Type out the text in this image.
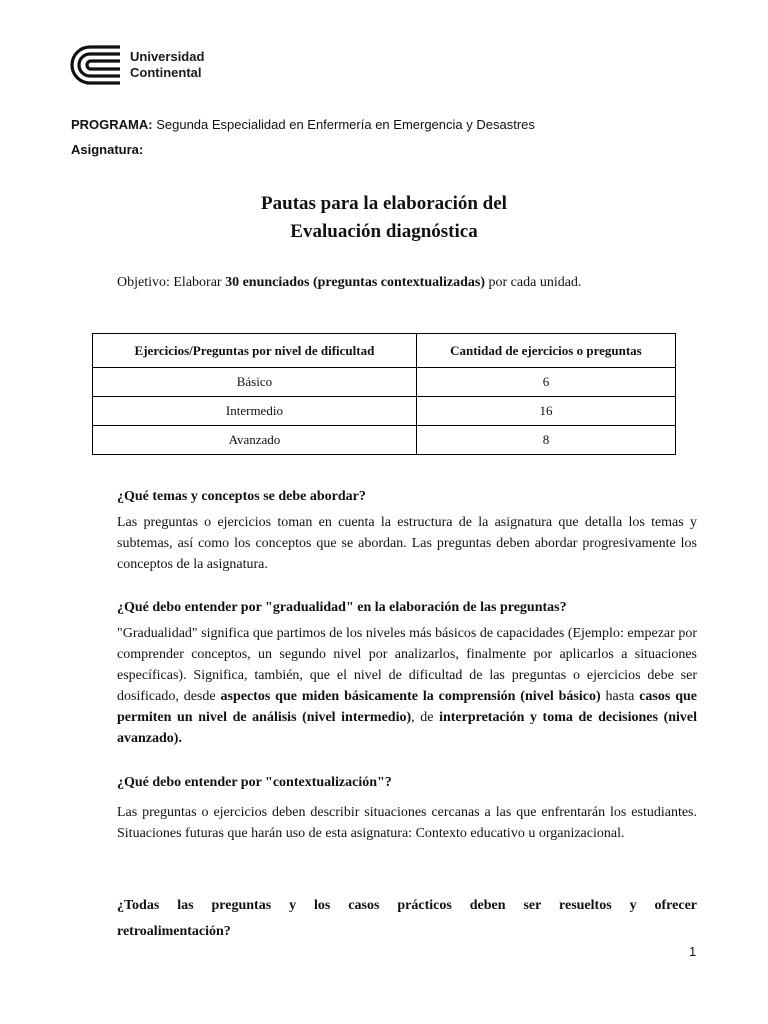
Universidad
Continental
PROGRAMA: Segunda Especialidad en Enfermería en Emergencia y Desastres
Asignatura:
Pautas para la elaboración del
Evaluación diagnóstica
Objetivo: Elaborar 30 enunciados (preguntas contextualizadas) por cada unidad.
Ejercicios/Preguntas por nivel de dificultad	Cantidad de ejercicios o preguntas
Básico	6
Intermedio	16
Avanzado	8
¿Qué temas y conceptos se debe abordar?
Las preguntas o ejercicios toman en cuenta la estructura de la asignatura que detalla los temas y subtemas, así como los conceptos que se abordan. Las preguntas deben abordar progresivamente los conceptos de la asignatura.
¿Qué debo entender por "gradualidad" en la elaboración de las preguntas?
"Gradualidad" significa que partimos de los niveles más básicos de capacidades (Ejemplo: empezar por comprender conceptos, un segundo nivel por analizarlos, finalmente por aplicarlos a situaciones específicas). Significa, también, que el nivel de dificultad de las preguntas o ejercicios debe ser dosificado, desde aspectos que miden básicamente la comprensión (nivel básico) hasta casos que permiten un nivel de análisis (nivel intermedio), de interpretación y toma de decisiones (nivel avanzado).
¿Qué debo entender por "contextualización"?
Las preguntas o ejercicios deben describir situaciones cercanas a las que enfrentarán los estudiantes. Situaciones futuras que harán uso de esta asignatura: Contexto educativo u organizacional.
¿Todas las preguntas y los casos prácticos deben ser resueltos y ofrecer
retroalimentación?
1
